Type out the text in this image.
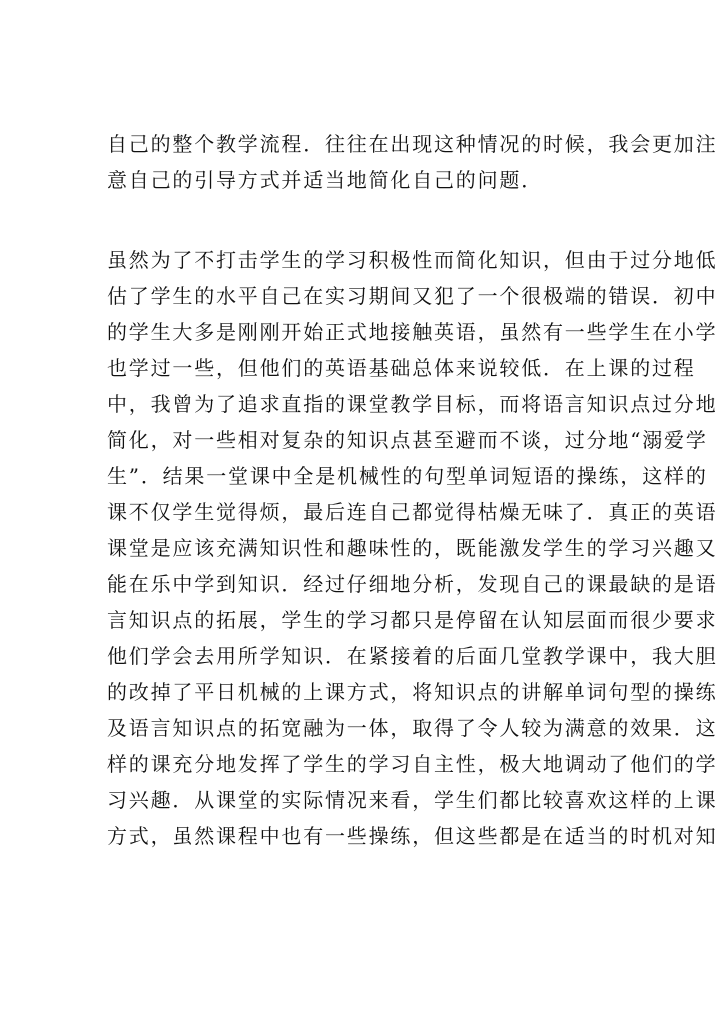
自己的整个教学流程．往往在出现这种情况的时候，我会更加注
意自己的引导方式并适当地简化自己的问题．

虽然为了不打击学生的学习积极性而简化知识，但由于过分地低
估了学生的水平自己在实习期间又犯了一个很极端的错误．初中
的学生大多是刚刚开始正式地接触英语，虽然有一些学生在小学
也学过一些，但他们的英语基础总体来说较低．在上课的过程
中，我曾为了追求直指的课堂教学目标，而将语言知识点过分地
简化，对一些相对复杂的知识点甚至避而不谈，过分地“溺爱学
生”．结果一堂课中全是机械性的句型单词短语的操练，这样的
课不仅学生觉得烦，最后连自己都觉得枯燥无味了．真正的英语
课堂是应该充满知识性和趣味性的，既能激发学生的学习兴趣又
能在乐中学到知识．经过仔细地分析，发现自己的课最缺的是语
言知识点的拓展，学生的学习都只是停留在认知层面而很少要求
他们学会去用所学知识．在紧接着的后面几堂教学课中，我大胆
的改掉了平日机械的上课方式，将知识点的讲解单词句型的操练
及语言知识点的拓宽融为一体，取得了令人较为满意的效果．这
样的课充分地发挥了学生的学习自主性，极大地调动了他们的学
习兴趣．从课堂的实际情况来看，学生们都比较喜欢这样的上课
方式，虽然课程中也有一些操练，但这些都是在适当的时机对知
